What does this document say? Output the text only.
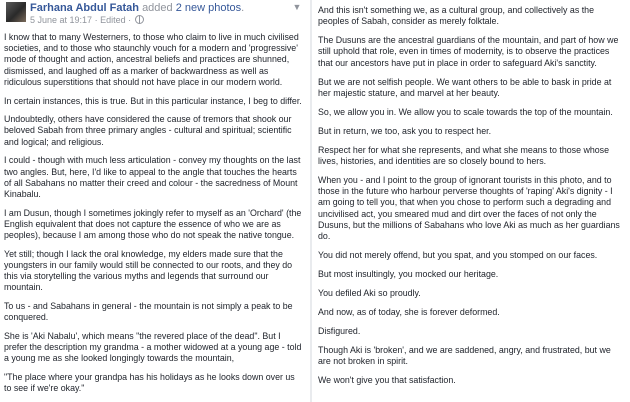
Farhana Abdul Fatah added 2 new photos.
5 June at 19:17 · Edited ·
▼

I know that to many Westerners, to those who claim to live in much civilised societies, and to those who staunchly vouch for a modern and 'progressive' mode of thought and action, ancestral beliefs and practices are shunned, dismissed, and laughed off as a marker of backwardness as well as ridiculous superstitions that should not have place in our modern world.

In certain instances, this is true. But in this particular instance, I beg to differ.

Undoubtedly, others have considered the cause of tremors that shook our beloved Sabah from three primary angles - cultural and spiritual; scientific and logical; and religious.

I could - though with much less articulation - convey my thoughts on the last two angles. But, here, I'd like to appeal to the angle that touches the hearts of all Sabahans no matter their creed and colour - the sacredness of Mount Kinabalu.

I am Dusun, though I sometimes jokingly refer to myself as an 'Orchard' (the English equivalent that does not capture the essence of who we are as peoples), because I am among those who do not speak the native tongue.

Yet still; though I lack the oral knowledge, my elders made sure that the youngsters in our family would still be connected to our roots, and they do this via storytelling the various myths and legends that surround our mountain.

To us - and Sabahans in general - the mountain is not simply a peak to be conquered.

She is 'Aki Nabalu', which means "the revered place of the dead". But I prefer the description my grandma - a mother widowed at a young age - told a young me as she looked longingly towards the mountain,

"The place where your grandpa has his holidays as he looks down over us to see if we're okay."

And this isn't something we, as a cultural group, and collectively as the peoples of Sabah, consider as merely folktale.

The Dusuns are the ancestral guardians of the mountain, and part of how we still uphold that role, even in times of modernity, is to observe the practices that our ancestors have put in place in order to safeguard Aki's sanctity.

But we are not selfish people. We want others to be able to bask in pride at her majestic stature, and marvel at her beauty.

So, we allow you in. We allow you to scale towards the top of the mountain.

But in return, we too, ask you to respect her.

Respect her for what she represents, and what she means to those whose lives, histories, and identities are so closely bound to hers.

When you - and I point to the group of ignorant tourists in this photo, and to those in the future who harbour perverse thoughts of 'raping' Aki's dignity - I am going to tell you, that when you chose to perform such a degrading and uncivilised act, you smeared mud and dirt over the faces of not only the Dusuns, but the millions of Sabahans who love Aki as much as her guardians do.

You did not merely offend, but you spat, and you stomped on our faces.

But most insultingly, you mocked our heritage.

You defiled Aki so proudly.

And now, as of today, she is forever deformed.

Disfigured.

Though Aki is 'broken', and we are saddened, angry, and frustrated, but we are not broken in spirit.

We won't give you that satisfaction.
